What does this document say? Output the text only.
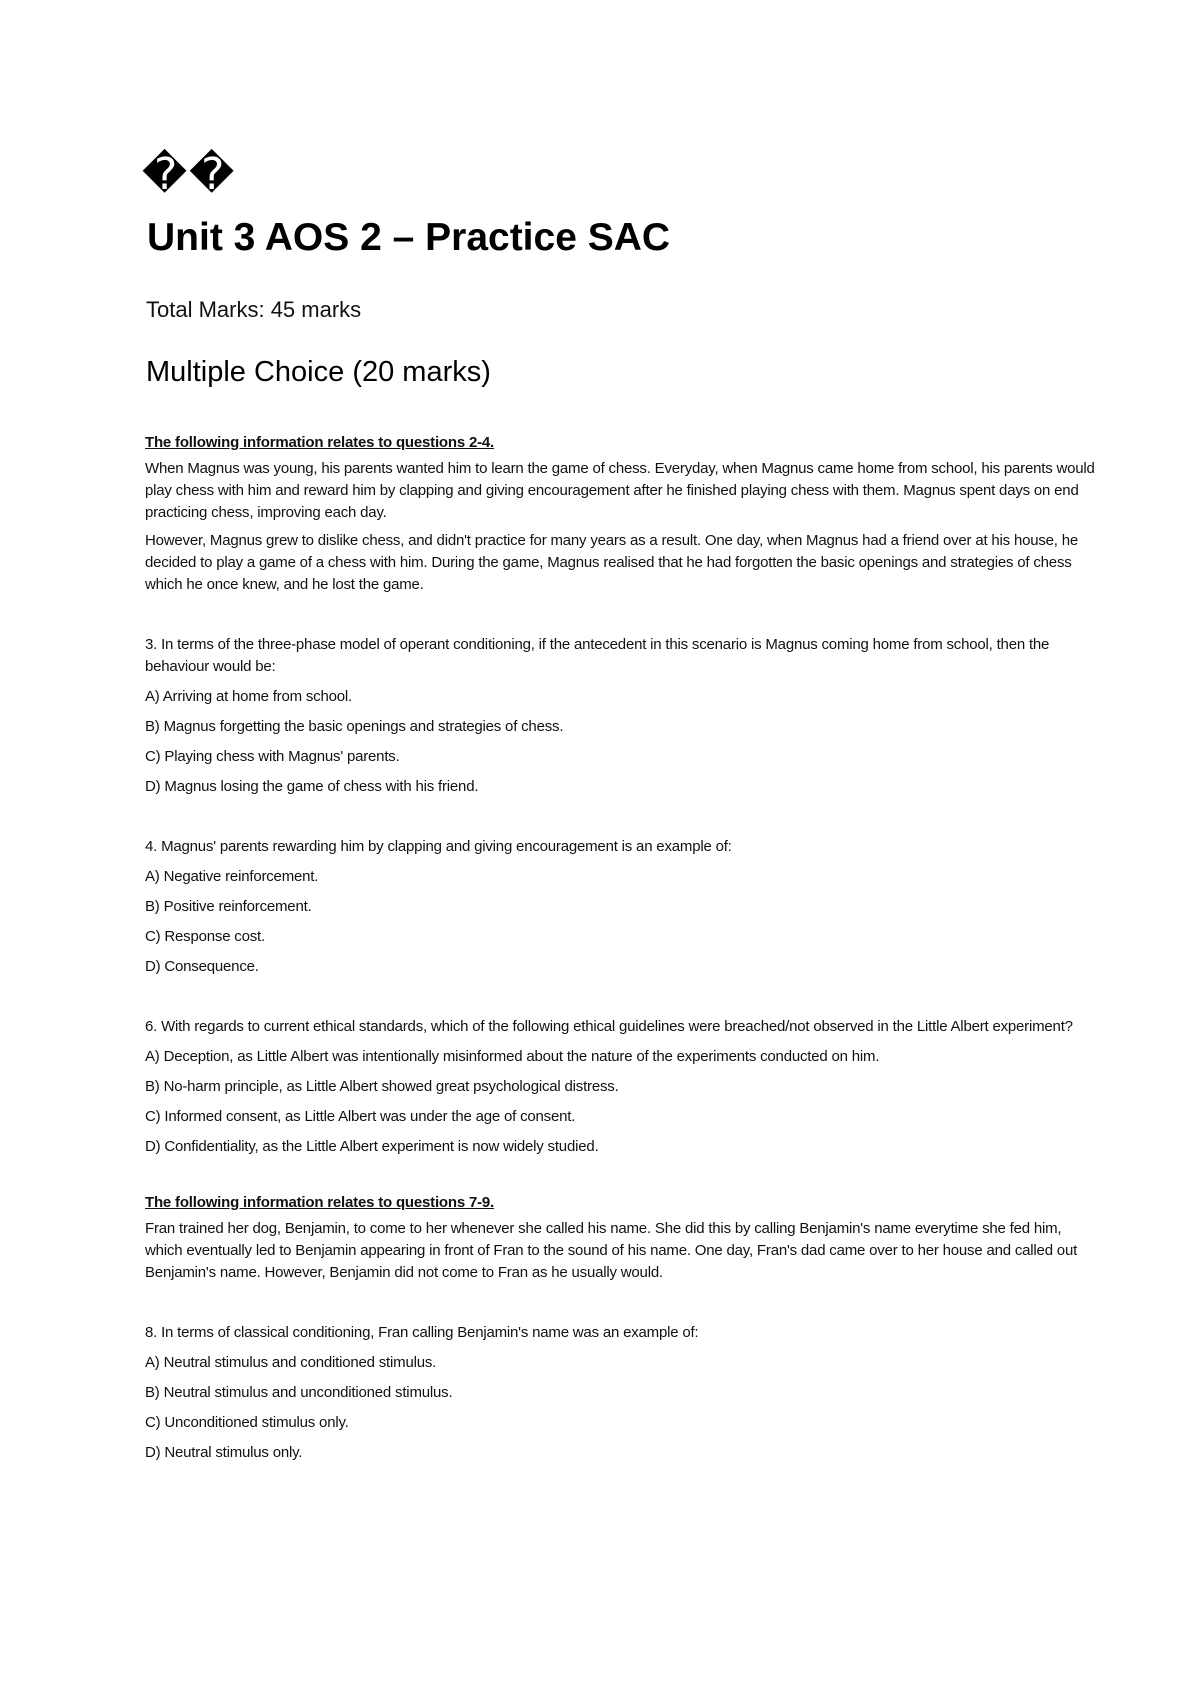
��
Unit 3 AOS 2 – Practice SAC

Total Marks: 45 marks

Multiple Choice (20 marks)

The following information relates to questions 2-4.

When Magnus was young, his parents wanted him to learn the game of chess. Everyday, when Magnus came home from school, his parents would play chess with him and reward him by clapping and giving encouragement after he finished playing chess with them. Magnus spent days on end practicing chess, improving each day.

However, Magnus grew to dislike chess, and didn't practice for many years as a result. One day, when Magnus had a friend over at his house, he decided to play a game of a chess with him. During the game, Magnus realised that he had forgotten the basic openings and strategies of chess which he once knew, and he lost the game.

3. In terms of the three-phase model of operant conditioning, if the antecedent in this scenario is Magnus coming home from school, then the behaviour would be:

A) Arriving at home from school.

B) Magnus forgetting the basic openings and strategies of chess.

C) Playing chess with Magnus' parents.

D) Magnus losing the game of chess with his friend.

4. Magnus' parents rewarding him by clapping and giving encouragement is an example of:

A) Negative reinforcement.

B) Positive reinforcement.

C) Response cost.

D) Consequence.

6. With regards to current ethical standards, which of the following ethical guidelines were breached/not observed in the Little Albert experiment?

A) Deception, as Little Albert was intentionally misinformed about the nature of the experiments conducted on him.

B) No-harm principle, as Little Albert showed great psychological distress.

C) Informed consent, as Little Albert was under the age of consent.

D) Confidentiality, as the Little Albert experiment is now widely studied.

The following information relates to questions 7-9.

Fran trained her dog, Benjamin, to come to her whenever she called his name. She did this by calling Benjamin's name everytime she fed him, which eventually led to Benjamin appearing in front of Fran to the sound of his name. One day, Fran's dad came over to her house and called out Benjamin's name. However, Benjamin did not come to Fran as he usually would.

8. In terms of classical conditioning, Fran calling Benjamin's name was an example of:

A) Neutral stimulus and conditioned stimulus.

B) Neutral stimulus and unconditioned stimulus.

C) Unconditioned stimulus only.

D) Neutral stimulus only.
